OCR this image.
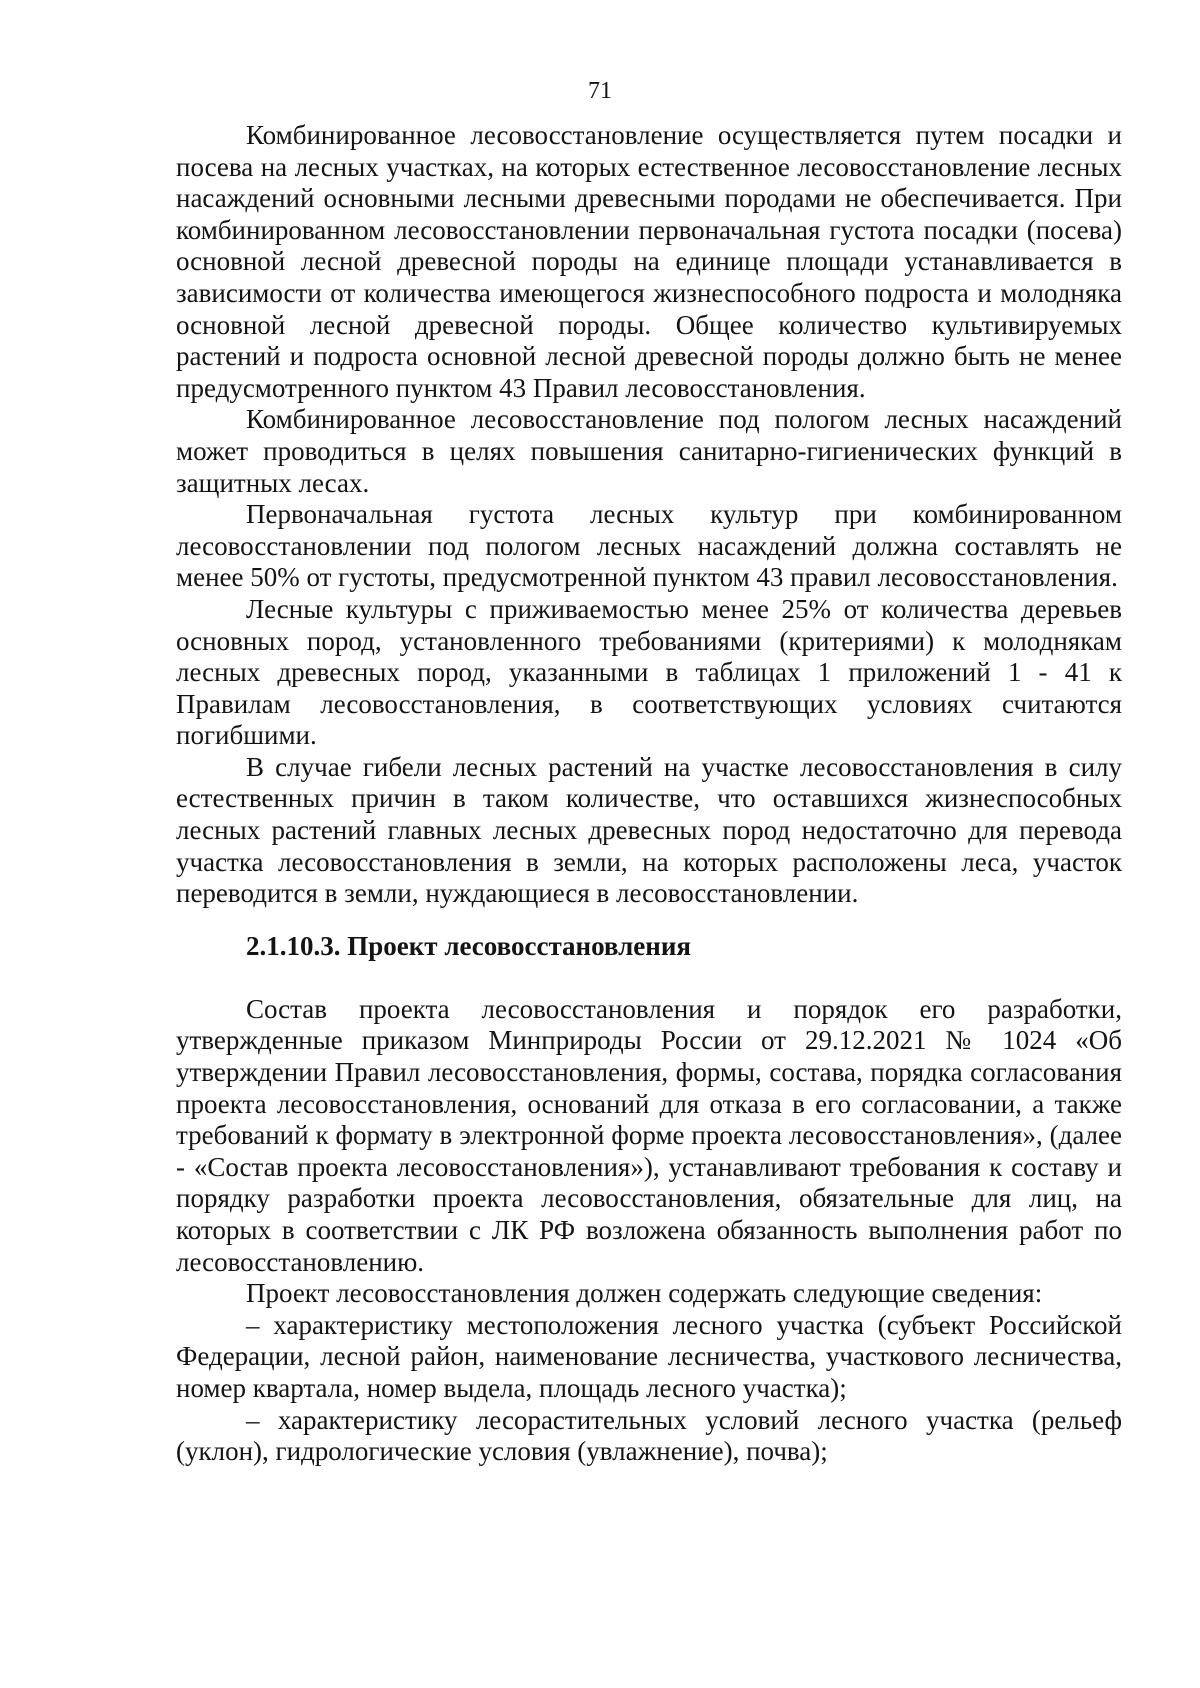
71

Комбинированное лесовосстановление осуществляется путем посадки и посева на лесных участках, на которых естественное лесовосстановление лесных насаждений основными лесными древесными породами не обеспечивается. При комбинированном лесовосстановлении первоначальная густота посадки (посева) основной лесной древесной породы на единице площади устанавливается в зависимости от количества имеющегося жизнеспособного подроста и молодняка основной лесной древесной породы. Общее количество культивируемых растений и подроста основной лесной древесной породы должно быть не менее предусмотренного пунктом 43 Правил лесовосстановления.

Комбинированное лесовосстановление под пологом лесных насаждений может проводиться в целях повышения санитарно-гигиенических функций в защитных лесах.

Первоначальная густота лесных культур при комбинированном лесовосстановлении под пологом лесных насаждений должна составлять не менее 50% от густоты, предусмотренной пунктом 43 правил лесовосстановления.

Лесные культуры с приживаемостью менее 25% от количества деревьев основных пород, установленного требованиями (критериями) к молоднякам лесных древесных пород, указанными в таблицах 1 приложений 1 - 41 к Правилам лесовосстановления, в соответствующих условиях считаются погибшими.

В случае гибели лесных растений на участке лесовосстановления в силу естественных причин в таком количестве, что оставшихся жизнеспособных лесных растений главных лесных древесных пород недостаточно для перевода участка лесовосстановления в земли, на которых расположены леса, участок переводится в земли, нуждающиеся в лесовосстановлении.

2.1.10.3. Проект лесовосстановления

Состав проекта лесовосстановления и порядок его разработки, утвержденные приказом Минприроды России от 29.12.2021 № 1024 «Об утверждении Правил лесовосстановления, формы, состава, порядка согласования проекта лесовосстановления, оснований для отказа в его согласовании, а также требований к формату в электронной форме проекта лесовосстановления», (далее - «Состав проекта лесовосстановления»), устанавливают требования к составу и порядку разработки проекта лесовосстановления, обязательные для лиц, на которых в соответствии с ЛК РФ возложена обязанность выполнения работ по лесовосстановлению.

Проект лесовосстановления должен содержать следующие сведения:

– характеристику местоположения лесного участка (субъект Российской Федерации, лесной район, наименование лесничества, участкового лесничества, номер квартала, номер выдела, площадь лесного участка);

– характеристику лесорастительных условий лесного участка (рельеф (уклон), гидрологические условия (увлажнение), почва);
